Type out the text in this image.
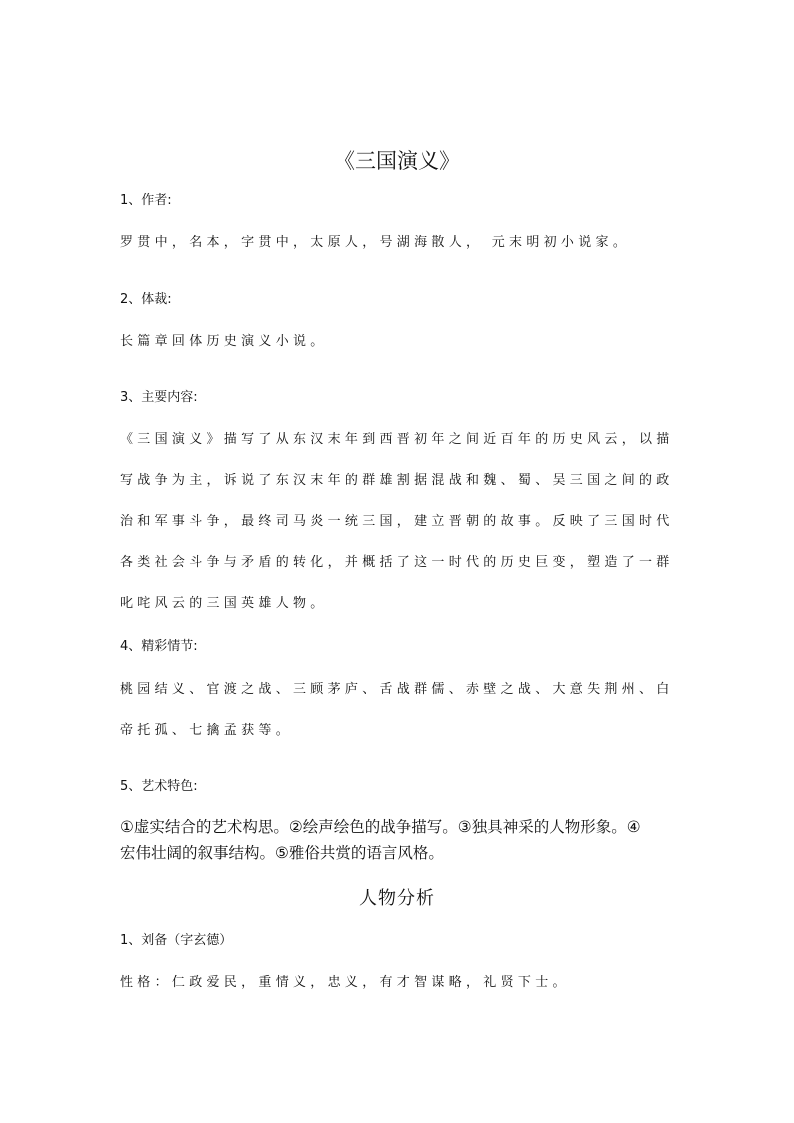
《三国演义》
1、作者:
罗贯中，名本，字贯中，太原人，号湖海散人， 元末明初小说家。
2、体裁:
长篇章回体历史演义小说。
3、主要内容:
《三国演义》描写了从东汉末年到西晋初年之间近百年的历史风云，以描
写战争为主，诉说了东汉末年的群雄割据混战和魏、蜀、吴三国之间的政
治和军事斗争，最终司马炎一统三国，建立晋朝的故事。反映了三国时代
各类社会斗争与矛盾的转化，并概括了这一时代的历史巨变，塑造了一群
叱咤风云的三国英雄人物。
4、精彩情节:
桃园结义、官渡之战、三顾茅庐、舌战群儒、赤壁之战、大意失荆州、白
帝托孤、七擒孟获等。
5、艺术特色:
①虚实结合的艺术构思。②绘声绘色的战争描写。③独具神采的人物形象。④
宏伟壮阔的叙事结构。⑤雅俗共赏的语言风格。
人物分析
1、刘备（字玄德）
性格：仁政爱民，重情义，忠义，有才智谋略，礼贤下士。
